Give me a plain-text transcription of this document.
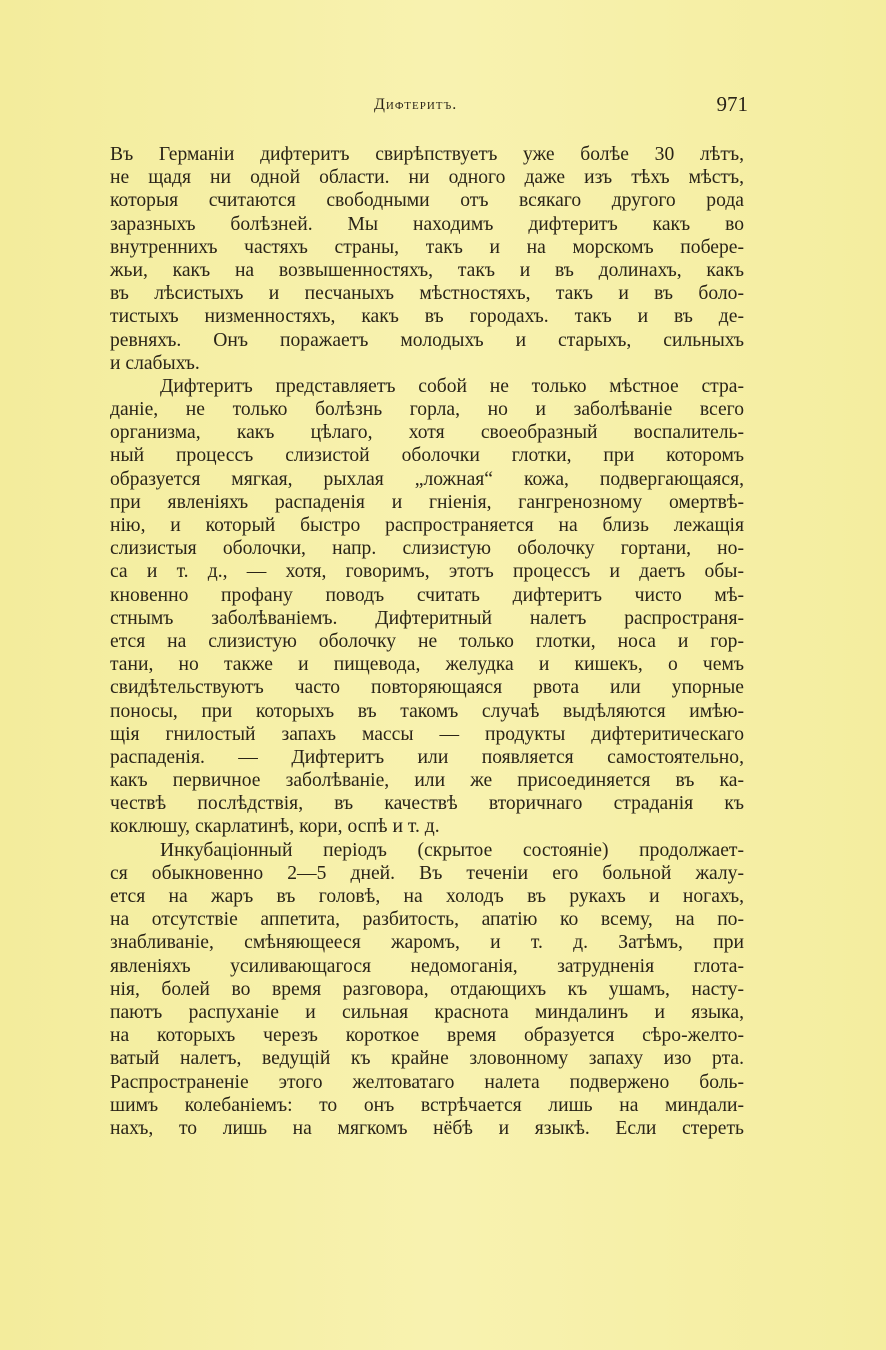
Дифтеритъ.	971
Въ Германіи дифтеритъ свирѣпствуетъ уже болѣе 30 лѣтъ,
не щадя ни одной области. ни одного даже изъ тѣхъ мѣстъ,
которыя считаются свободными отъ всякаго другого рода
заразныхъ болѣзней. Мы находимъ дифтеритъ какъ во
внутреннихъ частяхъ страны, такъ и на морскомъ побере-
жьи, какъ на возвышенностяхъ, такъ и въ долинахъ, какъ
въ лѣсистыхъ и песчаныхъ мѣстностяхъ, такъ и въ боло-
тистыхъ низменностяхъ, какъ въ городахъ. такъ и въ де-
ревняхъ. Онъ поражаетъ молодыхъ и старыхъ, сильныхъ
и слабыхъ.
Дифтеритъ представляетъ собой не только мѣстное стра-
даніе, не только болѣзнь горла, но и заболѣваніе всего
организма, какъ цѣлаго, хотя своеобразный воспалитель-
ный процессъ слизистой оболочки глотки, при которомъ
образуется мягкая, рыхлая „ложная“ кожа, подвергающаяся,
при явленіяхъ распаденія и гніенія, гангренозному омертвѣ-
нію, и который быстро распространяется на близь лежащія
слизистыя оболочки, напр. слизистую оболочку гортани, но-
са и т. д., — хотя, говоримъ, этотъ процессъ и даетъ обы-
кновенно профану поводъ считать дифтеритъ чисто мѣ-
стнымъ заболѣваніемъ. Дифтеритный налетъ распространя-
ется на слизистую оболочку не только глотки, носа и гор-
тани, но также и пищевода, желудка и кишекъ, о чемъ
свидѣтельствуютъ часто повторяющаяся рвота или упорные
поносы, при которыхъ въ такомъ случаѣ выдѣляются имѣю-
щія гнилостый запахъ массы — продукты дифтеритическаго
распаденія. — Дифтеритъ или появляется самостоятельно,
какъ первичное заболѣваніе, или же присоединяется въ ка-
чествѣ послѣдствія, въ качествѣ вторичнаго страданія къ
коклюшу, скарлатинѣ, кори, оспѣ и т. д.
Инкубаціонный періодъ (скрытое состояніе) продолжает-
ся обыкновенно 2—5 дней. Въ теченіи его больной жалу-
ется на жаръ въ головѣ, на холодъ въ рукахъ и ногахъ,
на отсутствіе аппетита, разбитость, апатію ко всему, на по-
знабливаніе, смѣняющееся жаромъ, и т. д. Затѣмъ, при
явленіяхъ усиливающагося недомоганія, затрудненія глота-
нія, болей во время разговора, отдающихъ къ ушамъ, насту-
паютъ распуханіе и сильная краснота миндалинъ и языка,
на которыхъ черезъ короткое время образуется сѣро-желто-
ватый налетъ, ведущій къ крайне зловонному запаху изо рта.
Распространеніе этого желтоватаго налета подвержено боль-
шимъ колебаніемъ: то онъ встрѣчается лишь на миндали-
нахъ, то лишь на мягкомъ нёбѣ и языкѣ. Если стереть
